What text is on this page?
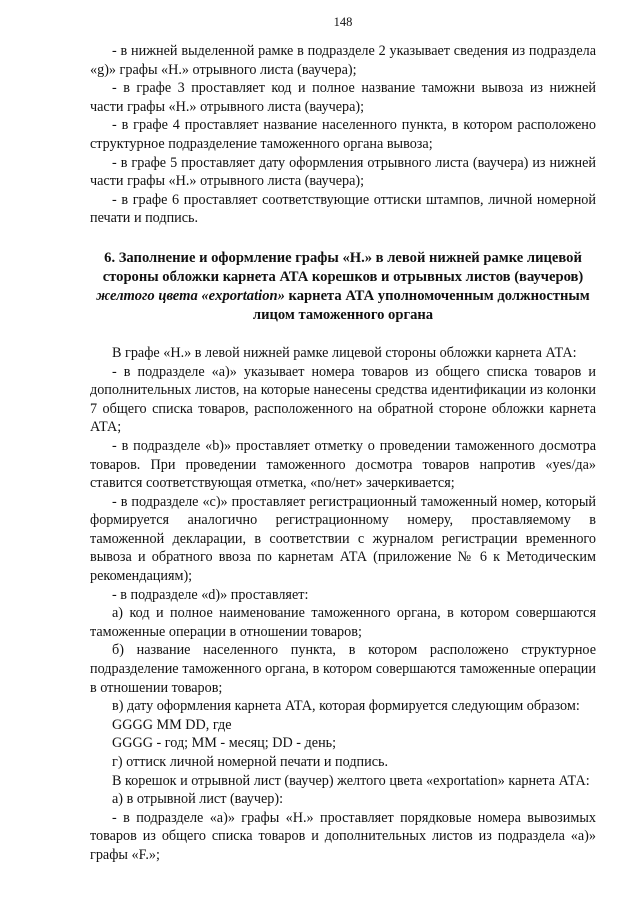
148

- в нижней выделенной рамке в подразделе 2 указывает сведения из подраздела «g)» графы «H.» отрывного листа (ваучера);

- в графе 3 проставляет код и полное название таможни вывоза из нижней части графы «H.» отрывного листа (ваучера);

- в графе 4 проставляет название населенного пункта, в котором расположено структурное подразделение таможенного органа вывоза;

- в графе 5 проставляет дату оформления отрывного листа (ваучера) из нижней части графы «H.» отрывного листа (ваучера);

- в графе 6 проставляет соответствующие оттиски штампов, личной номерной печати и подпись.

6. Заполнение и оформление графы «H.» в левой нижней рамке лицевой стороны обложки карнета АТА корешков и отрывных листов (ваучеров) желтого цвета «exportation» карнета АТА уполномоченным должностным лицом таможенного органа

В графе «H.» в левой нижней рамке лицевой стороны обложки карнета АТА:

- в подразделе «a)» указывает номера товаров из общего списка товаров и дополнительных листов, на которые нанесены средства идентификации из колонки 7 общего списка товаров, расположенного на обратной стороне обложки карнета АТА;

- в подразделе «b)» проставляет отметку о проведении таможенного досмотра товаров. При проведении таможенного досмотра товаров напротив «yes/да» ставится соответствующая отметка, «no/нет» зачеркивается;

- в подразделе «c)» проставляет регистрационный таможенный номер, который формируется аналогично регистрационному номеру, проставляемому в таможенной декларации, в соответствии с журналом регистрации временного вывоза и обратного ввоза по карнетам АТА (приложение № 6 к Методическим рекомендациям);

- в подразделе «d)» проставляет:

а) код и полное наименование таможенного органа, в котором совершаются таможенные операции в отношении товаров;

б) название населенного пункта, в котором расположено структурное подразделение таможенного органа, в котором совершаются таможенные операции в отношении товаров;

в) дату оформления карнета АТА, которая формируется следующим образом:

GGGG MM DD, где

GGGG - год; MM - месяц; DD - день;

г) оттиск личной номерной печати и подпись.

В корешок и отрывной лист (ваучер) желтого цвета «exportation» карнета АТА:

а) в отрывной лист (ваучер):

- в подразделе «a)» графы «H.» проставляет порядковые номера вывозимых товаров из общего списка товаров и дополнительных листов из подраздела «a)» графы «F.»;
